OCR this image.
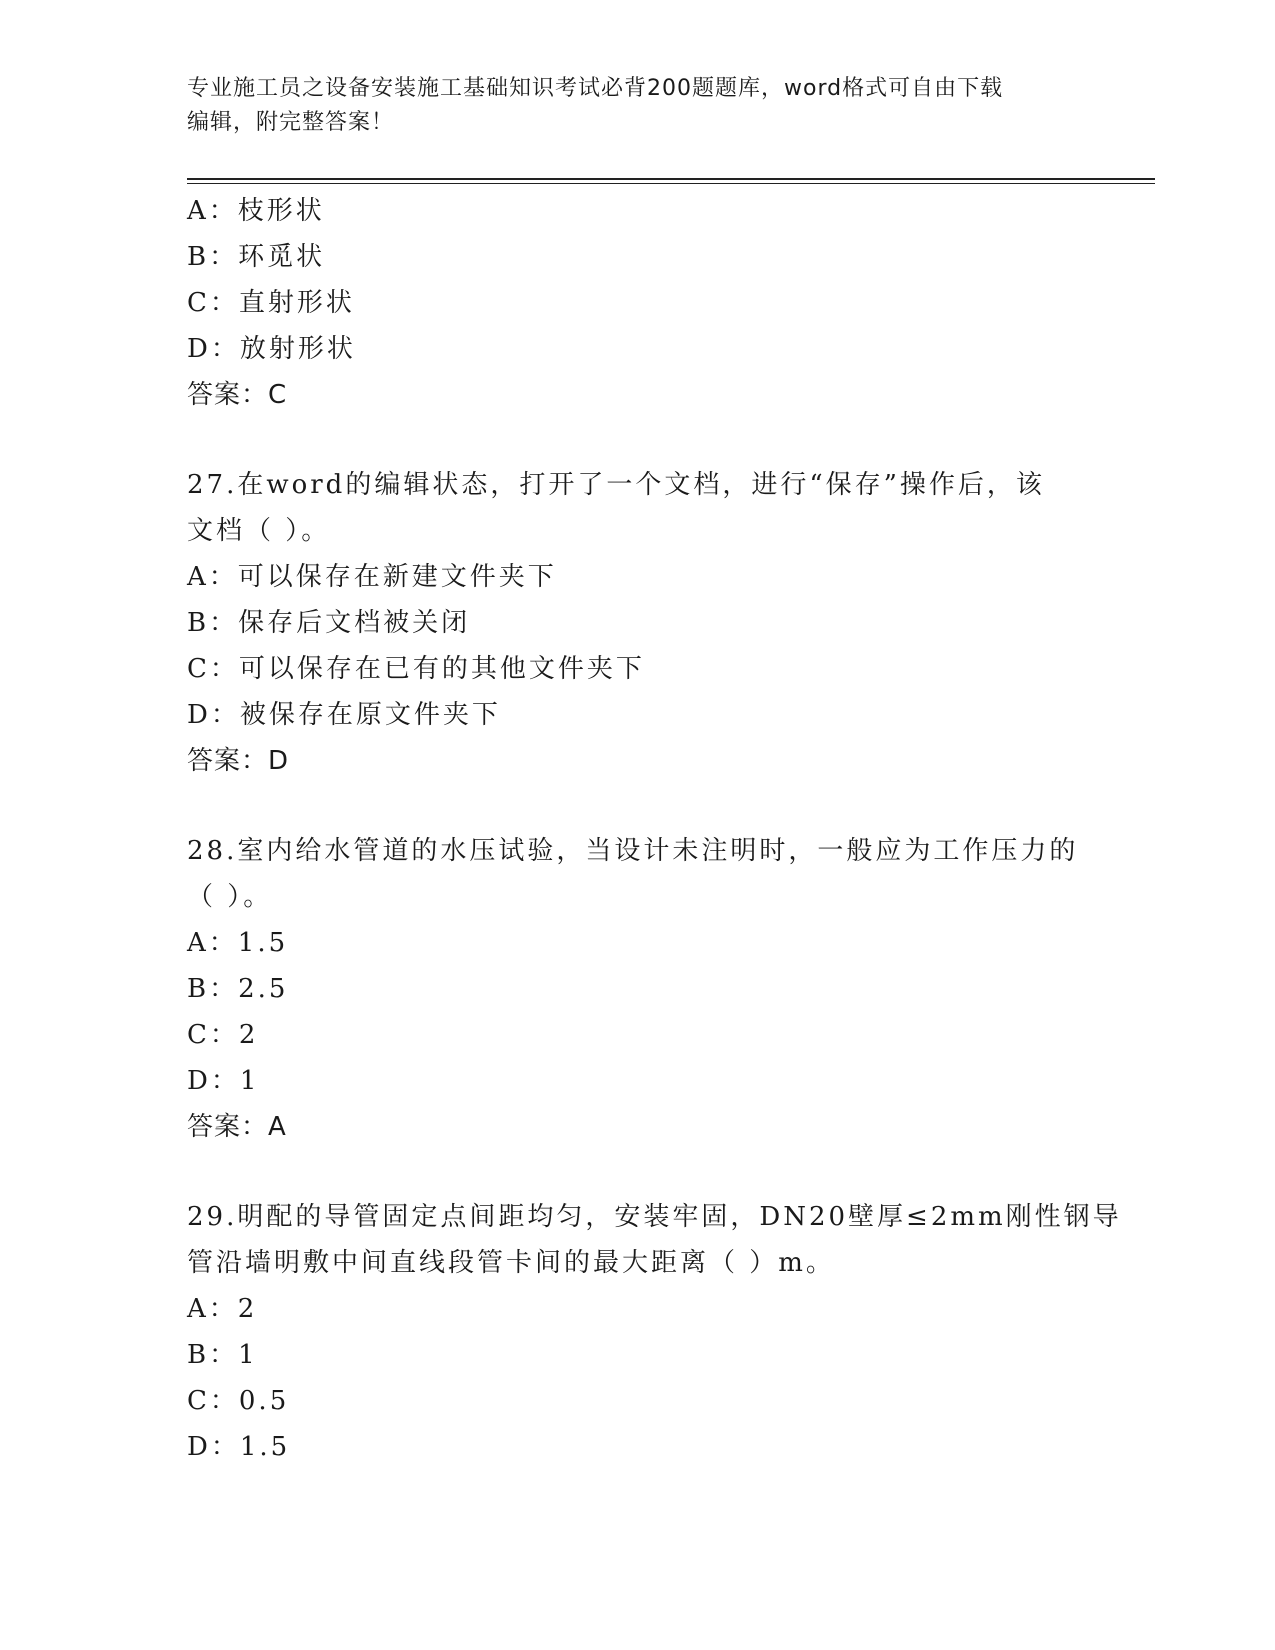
专业施工员之设备安装施工基础知识考试必背200题题库，word格式可自由下载
编辑，附完整答案！
A：枝形状
B：环觅状
C：直射形状
D：放射形状
答案：C
27.在word的编辑状态，打开了一个文档，进行“保存”操作后，该
文档（ ）。
A：可以保存在新建文件夹下
B：保存后文档被关闭
C：可以保存在已有的其他文件夹下
D：被保存在原文件夹下
答案：D
28.室内给水管道的水压试验，当设计未注明时，一般应为工作压力的
（ ）。
A：1.5
B：2.5
C：2
D：1
答案：A
29.明配的导管固定点间距均匀，安装牢固，DN20壁厚≤2mm刚性钢导
管沿墙明敷中间直线段管卡间的最大距离（ ）m。
A：2
B：1
C：0.5
D：1.5
